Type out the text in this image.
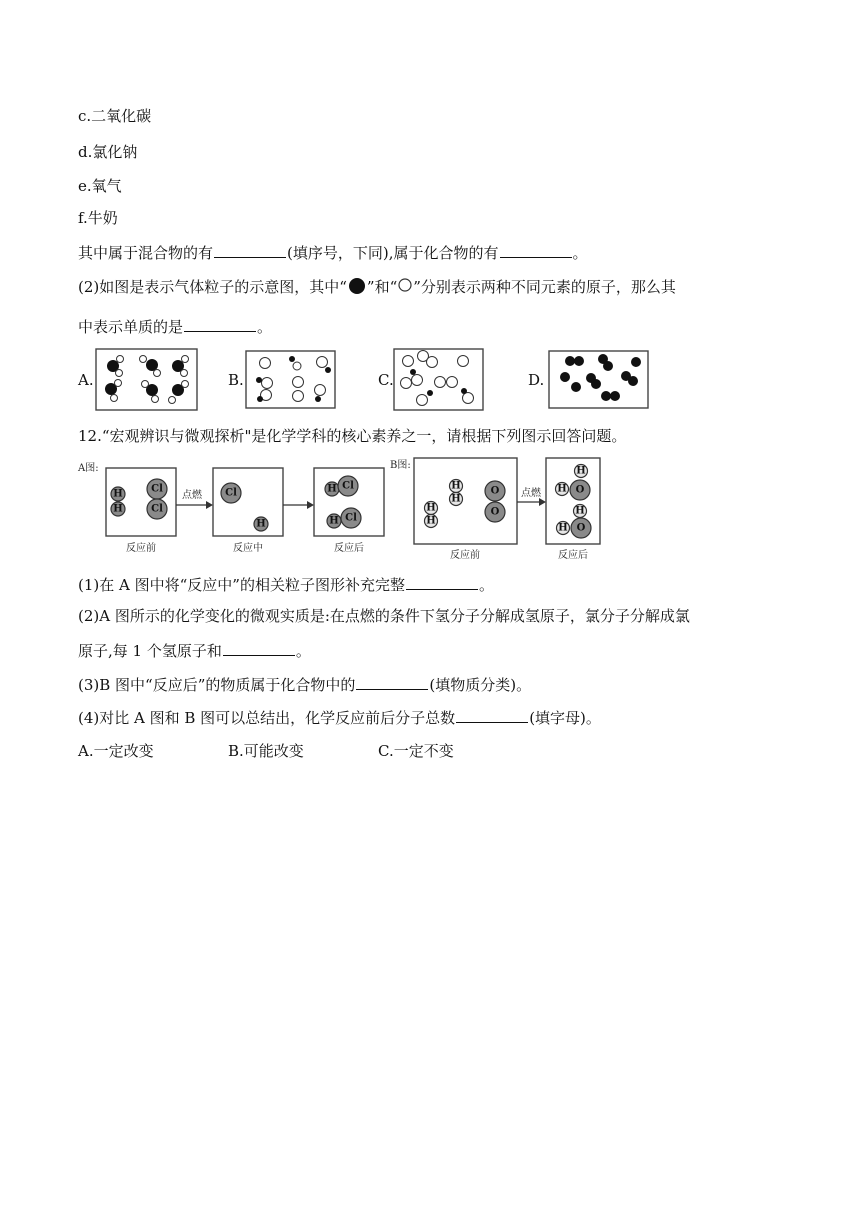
c.二氧化碳
d.氯化钠
e.氧气
f.牛奶
其中属于混合物的有	(填序号，下同),属于化合物的有	。
(2)如图是表示气体粒子的示意图，其中“ ”和“ ”分别表示两种不同元素的原子，那么其
中表示单质的是	。
A.	B.	C.	D.
12.“宏观辨识与微观探析"是化学学科的核心素养之一，请根据下列图示回答问题。
A图:
H
H
Cl
Cl
反应前
点燃 Cl
H
反应中
H Cl
H Cl
反应后
B图:
H
H
H
H
O
O
反应前
点燃
H
H O
H
H O
反应后
(1)在 A 图中将“反应中”的相关粒子图形补充完整	。
(2)A 图所示的化学变化的微观实质是:在点燃的条件下氢分子分解成氢原子，氯分子分解成氯
原子,每 1 个氢原子和	。
(3)B 图中“反应后”的物质属于化合物中的	(填物质分类)。
(4)对比 A 图和 B 图可以总结出，化学反应前后分子总数	(填字母)。
A.一定改变	B.可能改变	C.一定不变
